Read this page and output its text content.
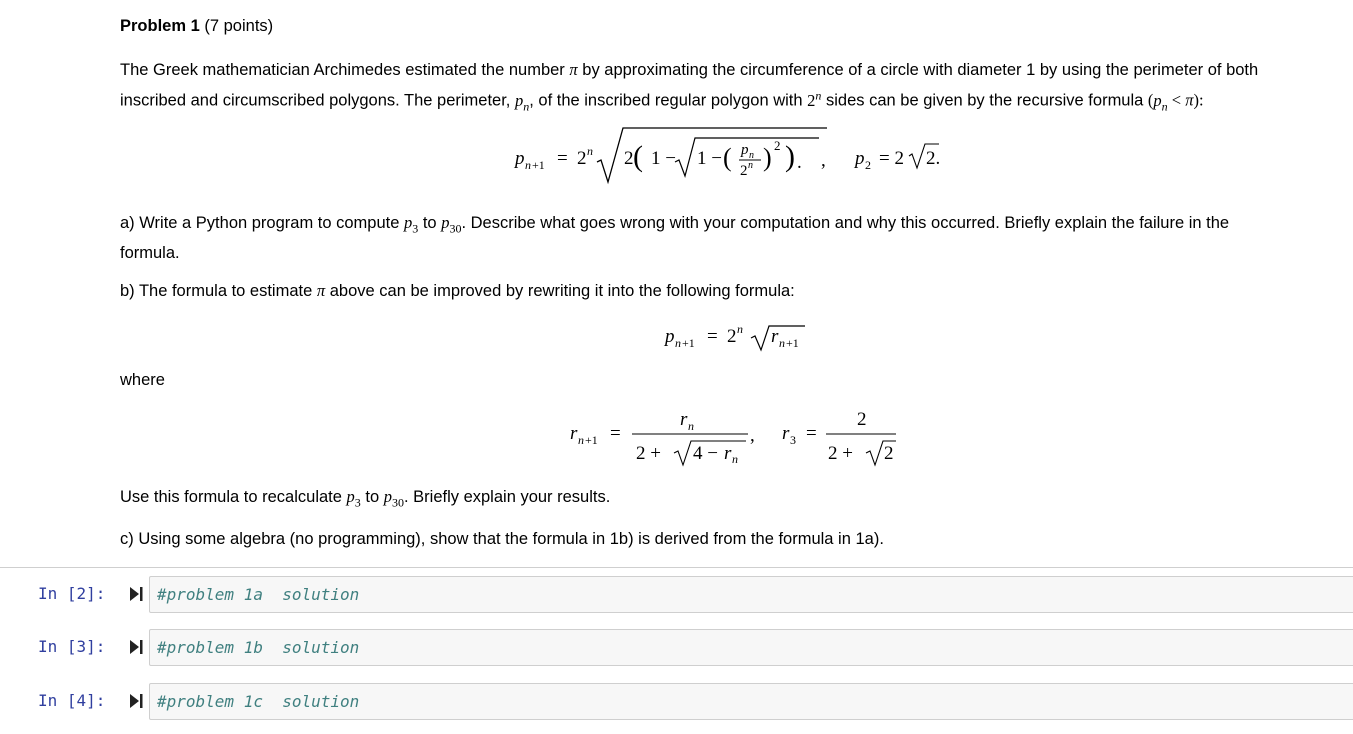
Problem 1 (7 points)
The Greek mathematician Archimedes estimated the number π by approximating the circumference of a circle with diameter 1 by using the perimeter of both
inscribed and circumscribed polygons. The perimeter, $p_n$, of the inscribed regular polygon with 2$^n$ sides can be given by the recursive formula $(p_n < \pi)$:
p n +1 = 2 n 2 ( 1 − 1 − ( p n
2 n ) 2 ) . , p 2 = 2 2.
a) Write a Python program to compute $p_3$ to $p_{30}$. Describe what goes wrong with your computation and why this occurred. Briefly explain the failure in the
formula.
b) The formula to estimate π above can be improved by rewriting it into the following formula:
p n +1 = 2 n r n +1
where
r n +1 =
r n
2 + 4 − r n
, r 3 =
2
2 + 2
Use this formula to recalculate $p_3$ to $p_{30}$. Briefly explain your results.
c) Using some algebra (no programming), show that the formula in 1b) is derived from the formula in 1a).
In [2]:	#problem 1a  solution
In [3]:	#problem 1b  solution
In [4]:	#problem 1c  solution
